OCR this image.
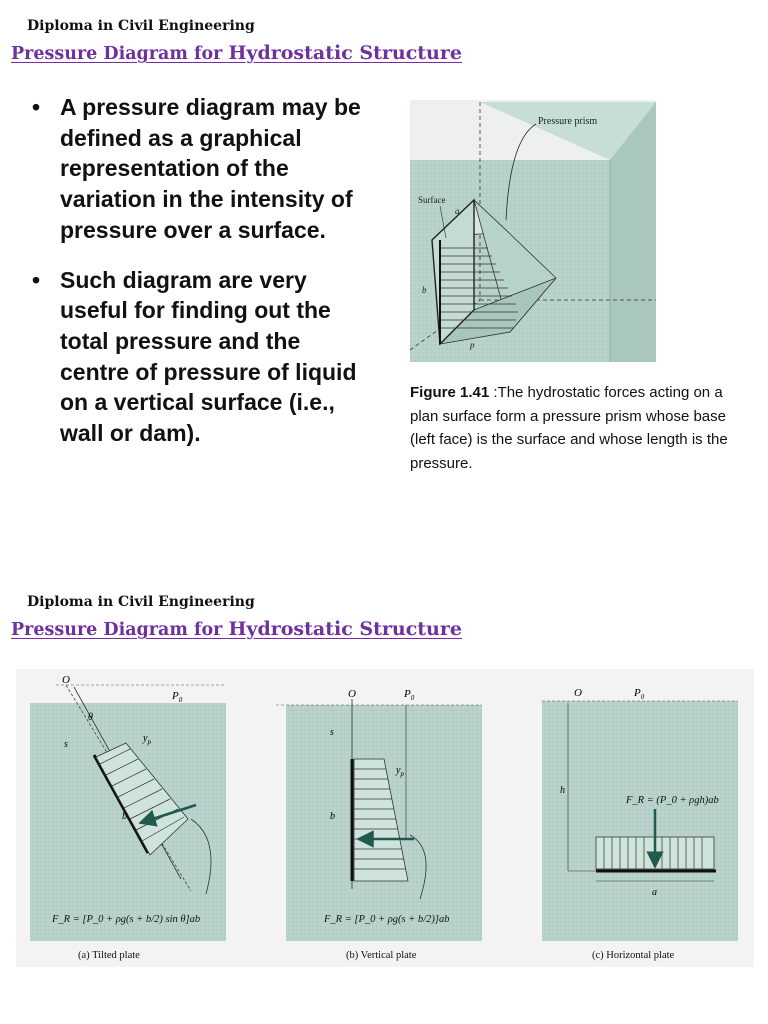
Diploma in Civil Engineering
Pressure Diagram for Hydrostatic Structure
• A pressure diagram may be defined as a graphical representation of the variation in the intensity of pressure over a surface.
• Such diagram are very useful for finding out the total pressure and the centre of pressure of liquid on a vertical surface (i.e., wall or dam).
Pressure prism
Surface
a
b
p
Figure 1.41 :The hydrostatic forces acting on a plan surface form a pressure prism whose base (left face) is the surface and whose length is the pressure.
Diploma in Civil Engineering
Pressure Diagram for Hydrostatic Structure
O
θ
$P_0$
s
b
$y_p$
F_R = [P_0 + ρg(s + b/2) sin θ]ab
(a) Tilted plate
O	$P_0$
s
b
$y_p$
F_R = [P_0 + ρg(s + b/2)]ab
(b) Vertical plate
O	$P_0$
h
a
F_R = (P_0 + ρgh)ab
(c) Horizontal plate
